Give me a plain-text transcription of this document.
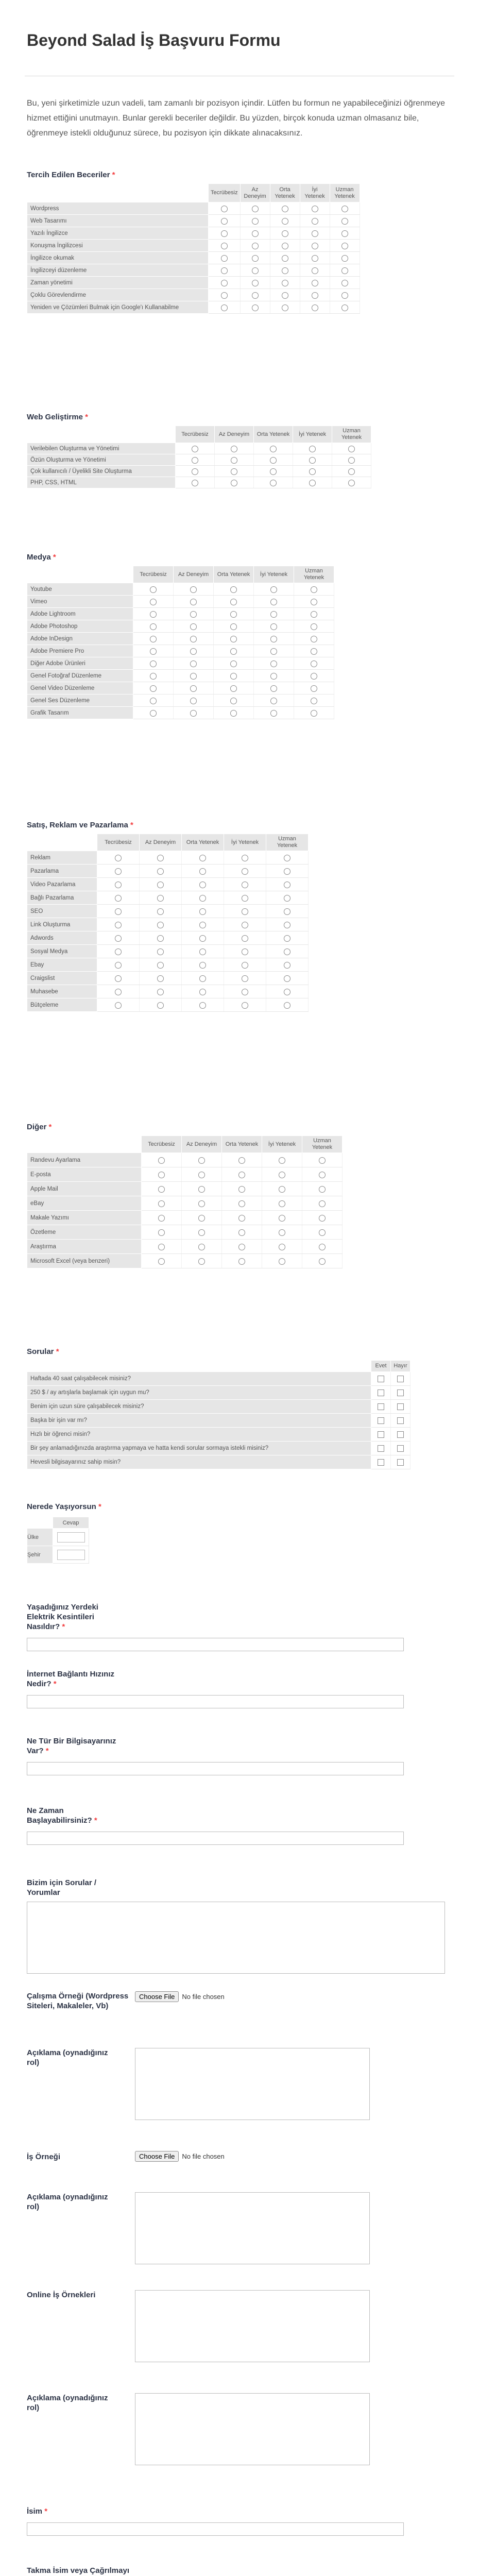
Beyond Salad İş Başvuru Formu
Bu, yeni şirketimizle uzun vadeli, tam zamanlı bir pozisyon içindir. Lütfen bu formun ne yapabileceğinizi öğrenmeye hizmet ettiğini unutmayın. Bunlar gerekli beceriler değildir. Bu yüzden, birçok konuda uzman olmasanız bile, öğrenmeye istekli olduğunuz sürece, bu pozisyon için dikkate alınacaksınız.
Tercih Edilen Beceriler *
	Tecrübesiz	Az Deneyim	Orta Yetenek	İyi Yetenek	Uzman Yetenek
Wordpress					
Web Tasarımı					
Yazılı İngilizce					
Konuşma İngilizcesi					
İngilizce okumak					
İngilizceyi düzenleme					
Zaman yönetimi					
Çoklu Görevlendirme					
Yeniden ve Çözümleri Bulmak için Google'ı Kullanabilme					
Web Geliştirme *
	Tecrübesiz	Az Deneyim	Orta Yetenek	İyi Yetenek	Uzman Yetenek
Verilebilen Oluşturma ve Yönetimi					
Özün Oluşturma ve Yönetimi					
Çok kullanıcılı / Üyelikli Site Oluşturma					
PHP, CSS, HTML					
Medya *
	Tecrübesiz	Az Deneyim	Orta Yetenek	İyi Yetenek	Uzman Yetenek
Youtube					
Vimeo					
Adobe Lightroom					
Adobe Photoshop					
Adobe InDesign					
Adobe Premiere Pro					
Diğer Adobe Ürünleri					
Genel Fotoğraf Düzenleme					
Genel Video Düzenleme					
Genel Ses Düzenleme					
Grafik Tasarım					
Satış, Reklam ve Pazarlama *
	Tecrübesiz	Az Deneyim	Orta Yetenek	İyi Yetenek	Uzman Yetenek
Reklam					
Pazarlama					
Video Pazarlama					
Bağlı Pazarlama					
SEO					
Link Oluşturma					
Adwords					
Sosyal Medya					
Ebay					
Craigslist					
Muhasebe					
Bütçeleme					
Diğer *
	Tecrübesiz	Az Deneyim	Orta Yetenek	İyi Yetenek	Uzman Yetenek
Randevu Ayarlama					
E-posta					
Apple Mail					
eBay					
Makale Yazımı					
Özetleme					
Araştırma					
Microsoft Excel (veya benzeri)					
Sorular *
	Evet	Hayır
Haftada 40 saat çalışabilecek misiniz?		
250 $ / ay artışlarla başlamak için uygun mu?		
Benim için uzun süre çalışabilecek misiniz?		
Başka bir işin var mı?		
Hızlı bir öğrenci misin?		
Bir şey anlamadığınızda araştırma yapmaya ve hatta kendi sorular sormaya istekli misiniz?		
Hevesli bilgisayarınız sahip misin?		
Nerede Yaşıyorsun *
	Cevap
Ülke	
Şehir	
Yaşadığınız Yerdeki Elektrik Kesintileri Nasıldır? *
İnternet Bağlantı Hızınız Nedir? *
Ne Tür Bir Bilgisayarınız Var? *
Ne Zaman Başlayabilirsiniz? *
Bizim için Sorular / Yorumlar
Çalışma Örneği (Wordpress Siteleri, Makaleler, Vb)
Choose File	No file chosen
Açıklama (oynadığınız rol)
İş Örneği	Choose File	No file chosen
Açıklama (oynadığınız rol)
Online İş Örnekleri
Açıklama (oynadığınız rol)
İsim *
Takma İsim veya Çağrılmayı
